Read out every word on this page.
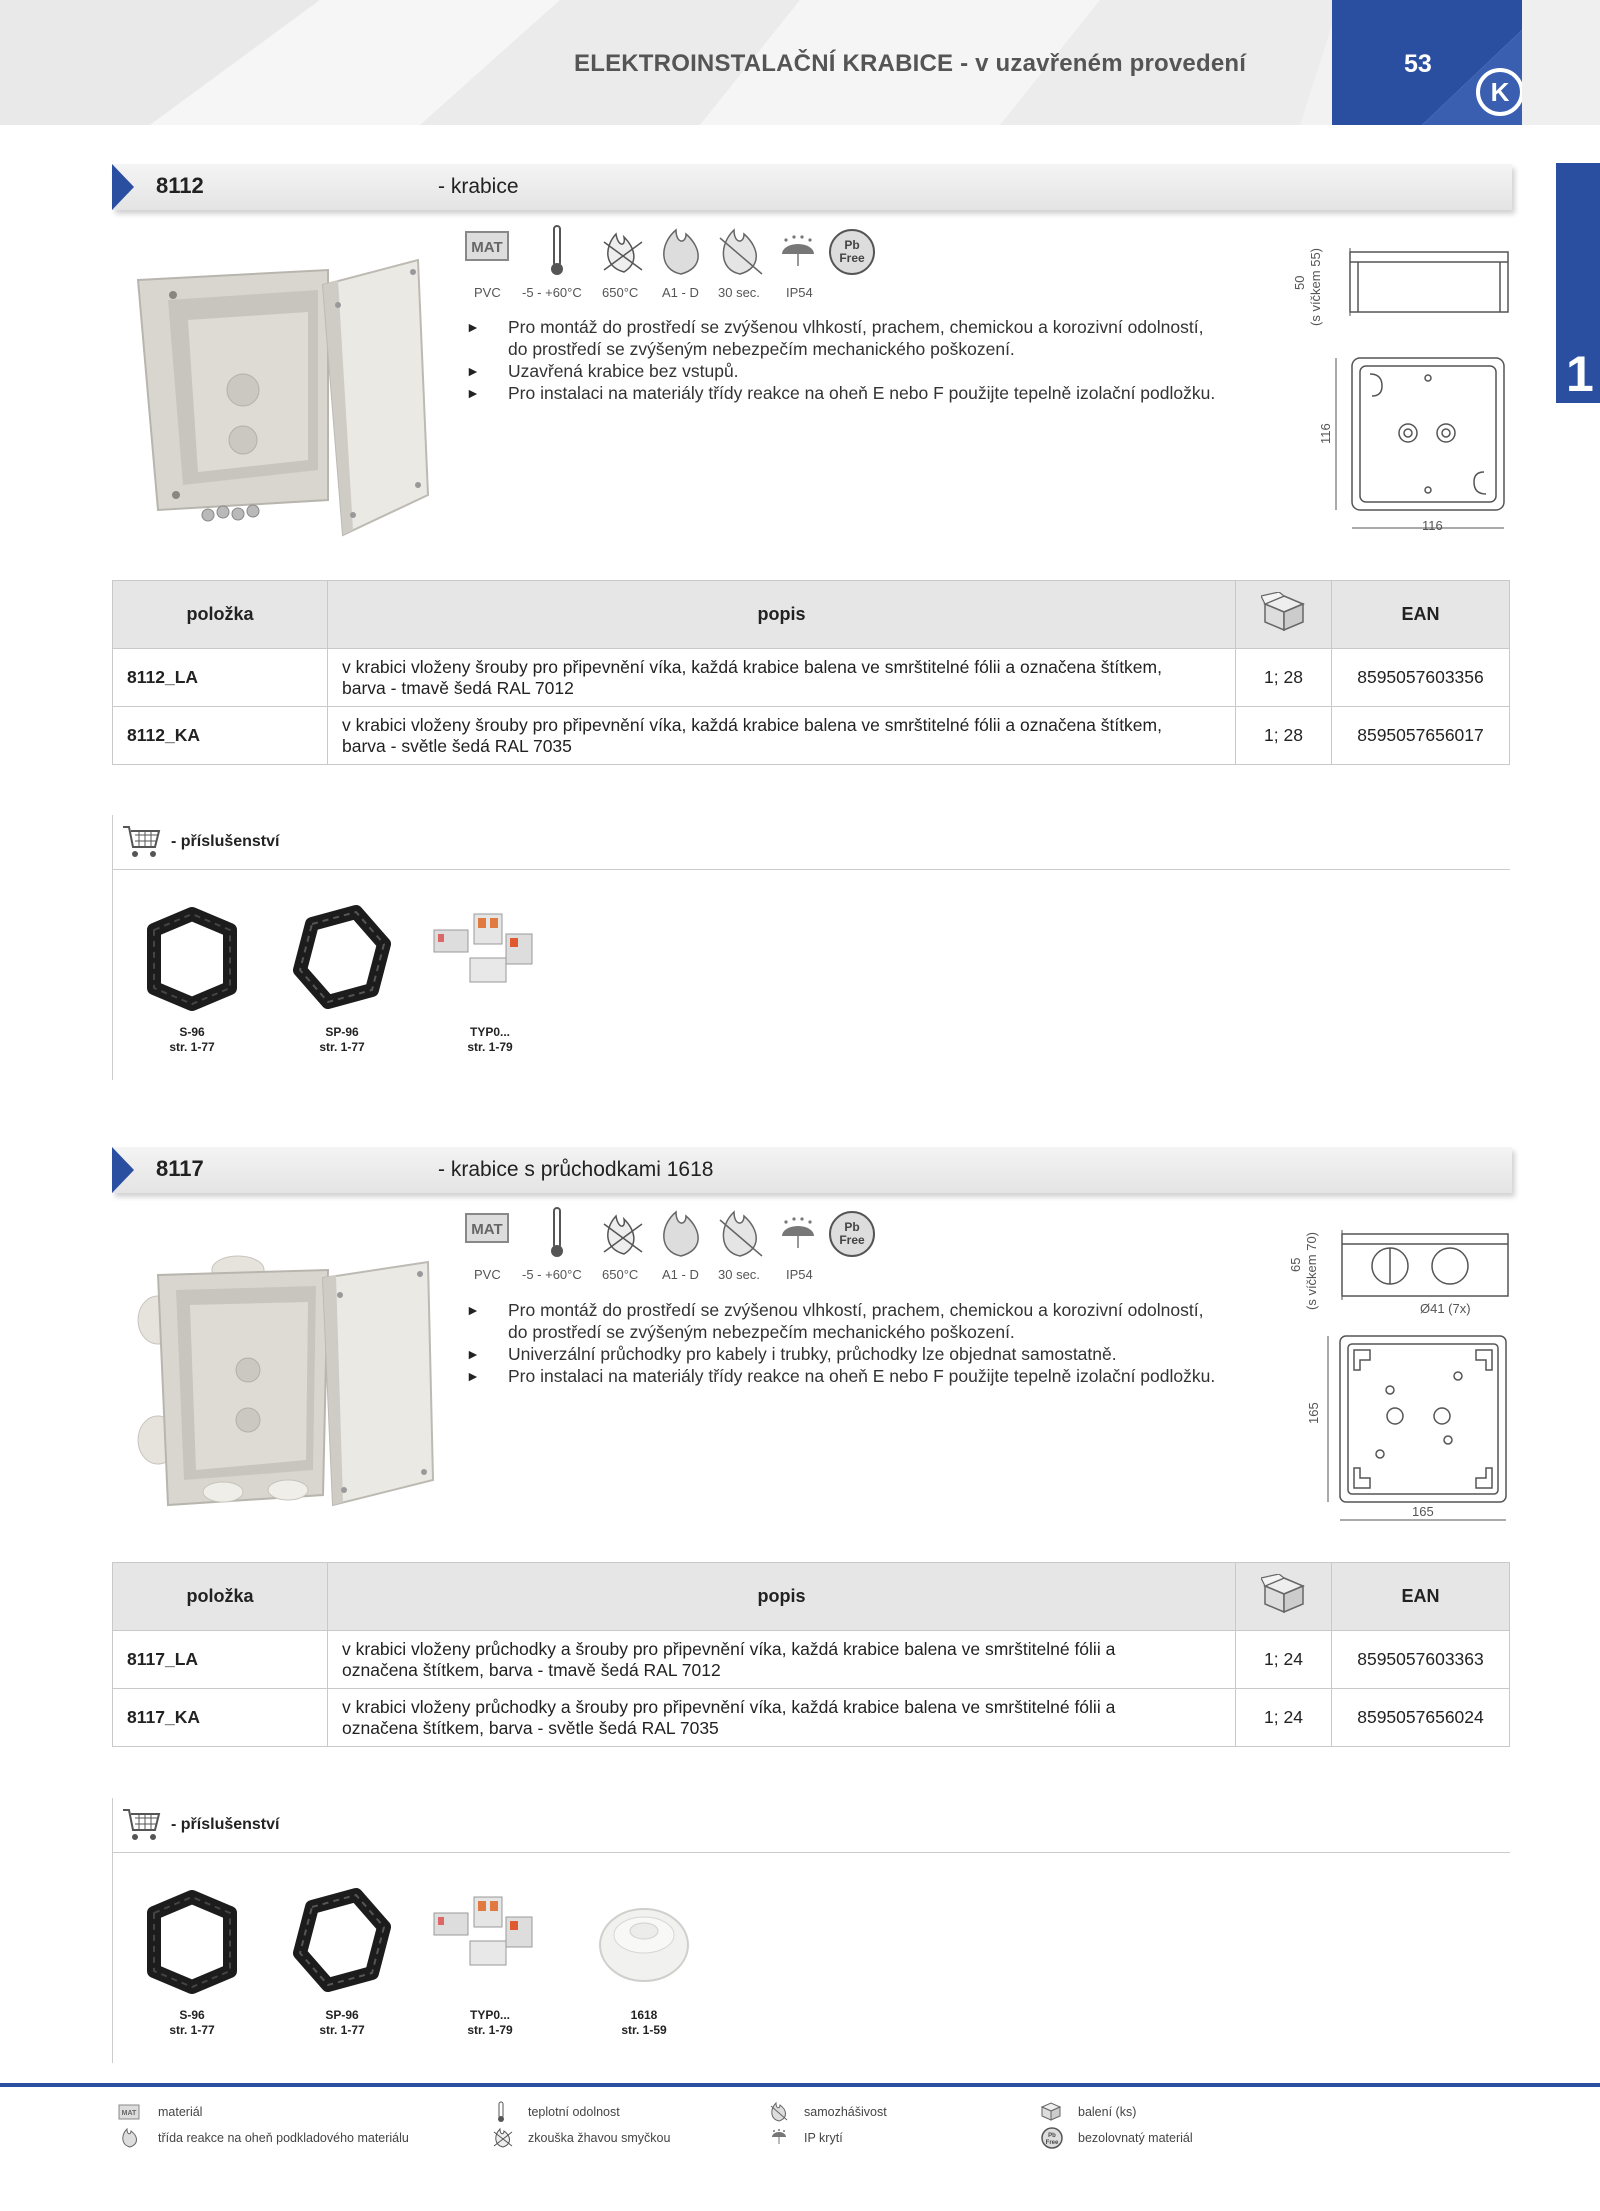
ELEKTROINSTALAČNÍ KRABICE - v uzavřeném provedení
K
53
1
8112	- krabice
MAT	Pb
Free
PVC -5 - +60°C 650°C A1 - D 30 sec. IP54
► Pro montáž do prostředí se zvýšenou vlhkostí, prachem, chemickou a korozivní odolností,
do prostředí se zvýšeným nebezpečím mechanického poškození.
► Uzavřená krabice bez vstupů.
► Pro instalaci na materiály třídy reakce na oheň E nebo F použijte tepelně izolační podložku.
50 (s víčkem 55)
116
116
položka	popis		EAN
8112_LA	v krabici vloženy šrouby pro připevnění víka, každá krabice balena ve smrštitelné fólii a označena štítkem,
barva - tmavě šedá RAL 7012	1; 28	8595057603356
8112_KA	v krabici vloženy šrouby pro připevnění víka, každá krabice balena ve smrštitelné fólii a označena štítkem,
barva - světle šedá RAL 7035	1; 28	8595057656017
- příslušenství
S-96
str. 1-77
SP-96
str. 1-77
TYP0...
str. 1-79
8117	- krabice s průchodkami 1618
MAT	Pb
Free
PVC -5 - +60°C 650°C A1 - D 30 sec. IP54
► Pro montáž do prostředí se zvýšenou vlhkostí, prachem, chemickou a korozivní odolností,
do prostředí se zvýšeným nebezpečím mechanického poškození.
► Univerzální průchodky pro kabely i trubky, průchodky lze objednat samostatně.
► Pro instalaci na materiály třídy reakce na oheň E nebo F použijte tepelně izolační podložku.
65 (s víčkem 70)	Ø41 (7x)
165
165
položka	popis		EAN
8117_LA	v krabici vloženy průchodky a šrouby pro připevnění víka, každá krabice balena ve smrštitelné fólii a
označena štítkem, barva - tmavě šedá RAL 7012	1; 24	8595057603363
8117_KA	v krabici vloženy průchodky a šrouby pro připevnění víka, každá krabice balena ve smrštitelné fólii a
označena štítkem, barva - světle šedá RAL 7035	1; 24	8595057656024
- příslušenství
S-96
str. 1-77
SP-96
str. 1-77
TYP0...
str. 1-79
1618
str. 1-59
MAT materiál	teplotní odolnost	samozhášivost	balení (ks)
třída reakce na oheň podkladového materiálu	zkouška žhavou smyčkou	IP krytí	Pb
Free bezolovnatý materiál
